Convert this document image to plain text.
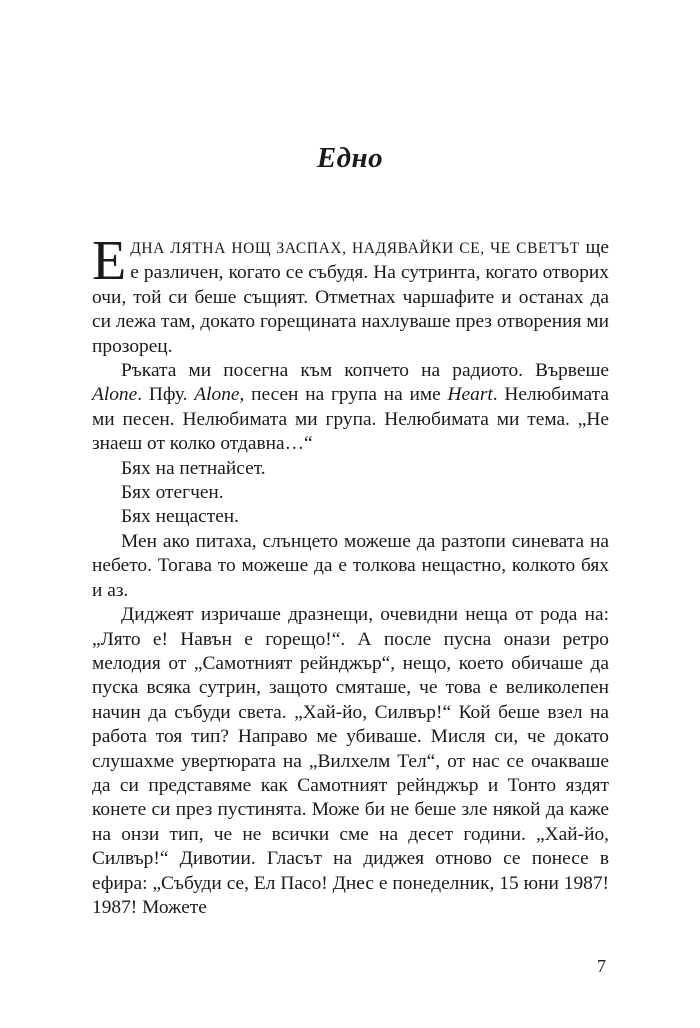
Едно

ЕДНА ЛЯТНА НОЩ ЗАСПАХ, НАДЯВАЙКИ СЕ, ЧЕ СВЕТЪТ ще е различен, когато се събудя. На сутринта, когато отворих очи, той си беше същият. Отметнах чаршафите и останах да си лежа там, докато горещината нахлуваше през отворения ми прозорец.

Ръката ми посегна към копчето на радиото. Вървеше Alone. Пфу. Alone, песен на група на име Heart. Нелюбимата ми песен. Нелюбимата ми група. Нелюбимата ми тема. „Не знаеш от колко отдавна…“

Бях на петнайсет.

Бях отегчен.

Бях нещастен.

Мен ако питаха, слънцето можеше да разтопи синевата на небето. Тогава то можеше да е толкова нещастно, колкото бях и аз.

Диджеят изричаше дразнещи, очевидни неща от рода на: „Лято е! Навън е горещо!“. А после пусна онази ретро мелодия от „Самотният рейнджър“, нещо, което обичаше да пуска всяка сутрин, защото смяташе, че това е великолепен начин да събуди света. „Хай-йо, Силвър!“ Кой беше взел на работа тоя тип? Направо ме убиваше. Мисля си, че докато слушахме увертюрата на „Вилхелм Тел“, от нас се очакваше да си представяме как Самотният рейнджър и Тонто яздят конете си през пустинята. Може би не беше зле някой да каже на онзи тип, че не всички сме на десет години. „Хай-йо, Силвър!“ Дивотии. Гласът на диджея отново се понесе в ефира: „Събуди се, Ел Пасо! Днес е понеделник, 15 юни 1987! 1987! Можете

7
